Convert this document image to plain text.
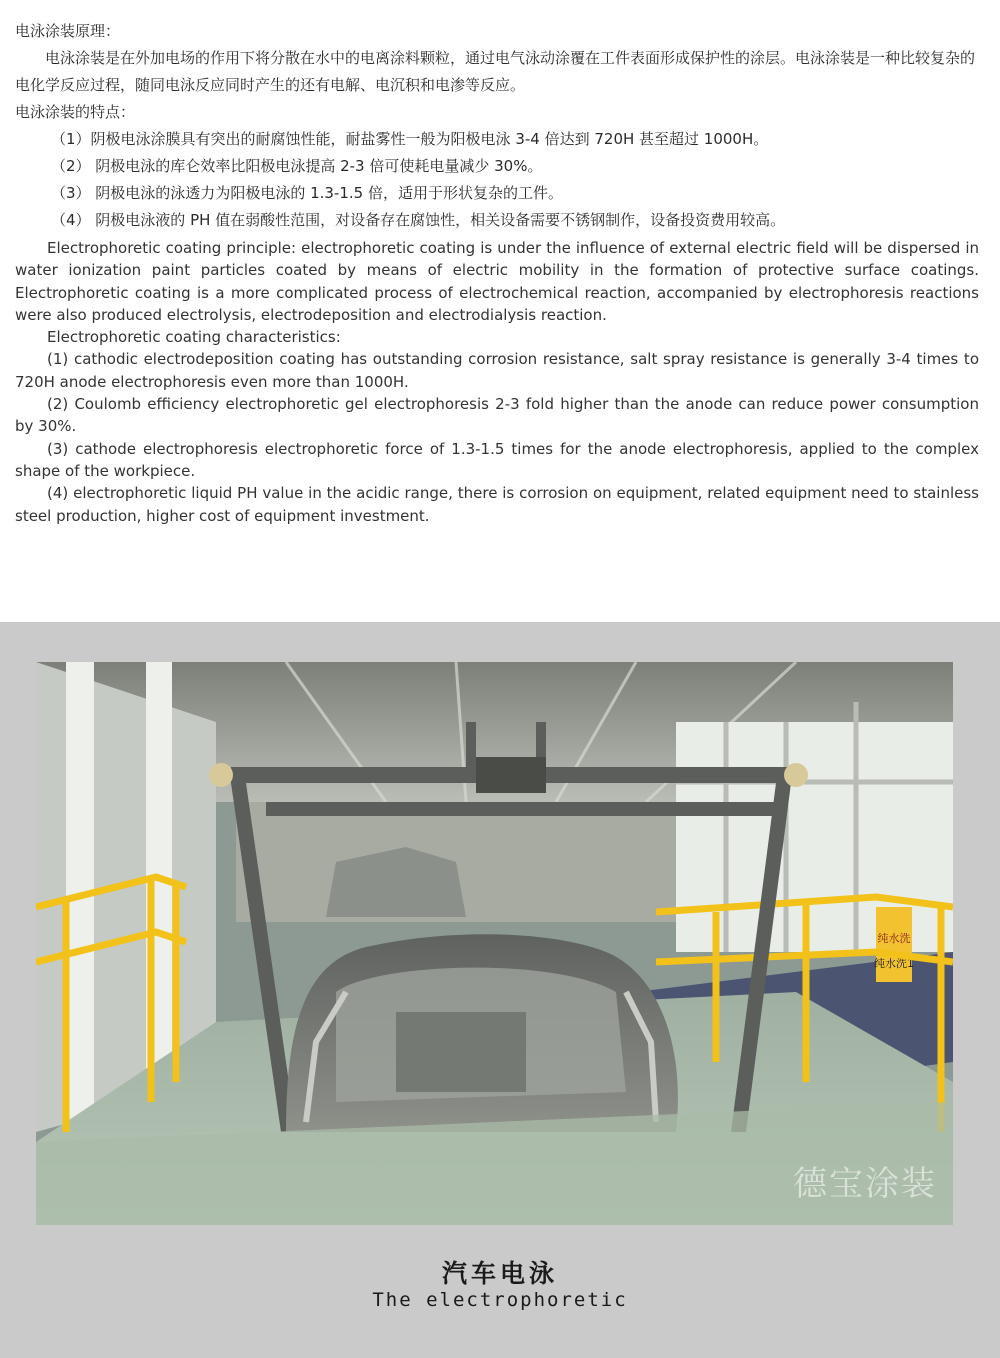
电泳涂装原理：

电泳涂装是在外加电场的作用下将分散在水中的电离涂料颗粒，通过电气泳动涂覆在工件表面形成保护性的涂层。电泳涂装是一种比较复杂的电化学反应过程，随同电泳反应同时产生的还有电解、电沉积和电渗等反应。

电泳涂装的特点：

（1）阴极电泳涂膜具有突出的耐腐蚀性能，耐盐雾性一般为阳极电泳 3-4 倍达到 720H 甚至超过 1000H。

（2） 阴极电泳的库仑效率比阳极电泳提高 2-3 倍可使耗电量减少 30%。

（3） 阴极电泳的泳透力为阳极电泳的 1.3-1.5 倍，适用于形状复杂的工件。

（4） 阴极电泳液的 PH 值在弱酸性范围，对设备存在腐蚀性，相关设备需要不锈钢制作，设备投资费用较高。

Electrophoretic coating principle: electrophoretic coating is under the influence of external electric field will be dispersed in water ionization paint particles coated by means of electric mobility in the formation of protective surface coatings. Electrophoretic coating is a more complicated process of electrochemical reaction, accompanied by electrophoresis reactions were also produced electrolysis, electrodeposition and electrodialysis reaction.

Electrophoretic coating characteristics:

(1) cathodic electrodeposition coating has outstanding corrosion resistance, salt spray resistance is generally 3-4 times to 720H anode electrophoresis even more than 1000H.

(2) Coulomb efficiency electrophoretic gel electrophoresis 2-3 fold higher than the anode can reduce power consumption by 30%.

(3) cathode electrophoresis electrophoretic force of 1.3-1.5 times for the anode electrophoresis, applied to the complex shape of the workpiece.

(4) electrophoretic liquid PH value in the acidic range, there is corrosion on equipment, related equipment need to stainless steel production, higher cost of equipment investment.

纯水洗
纯水洗1
德宝涂装
汽车电泳
The electrophoretic
